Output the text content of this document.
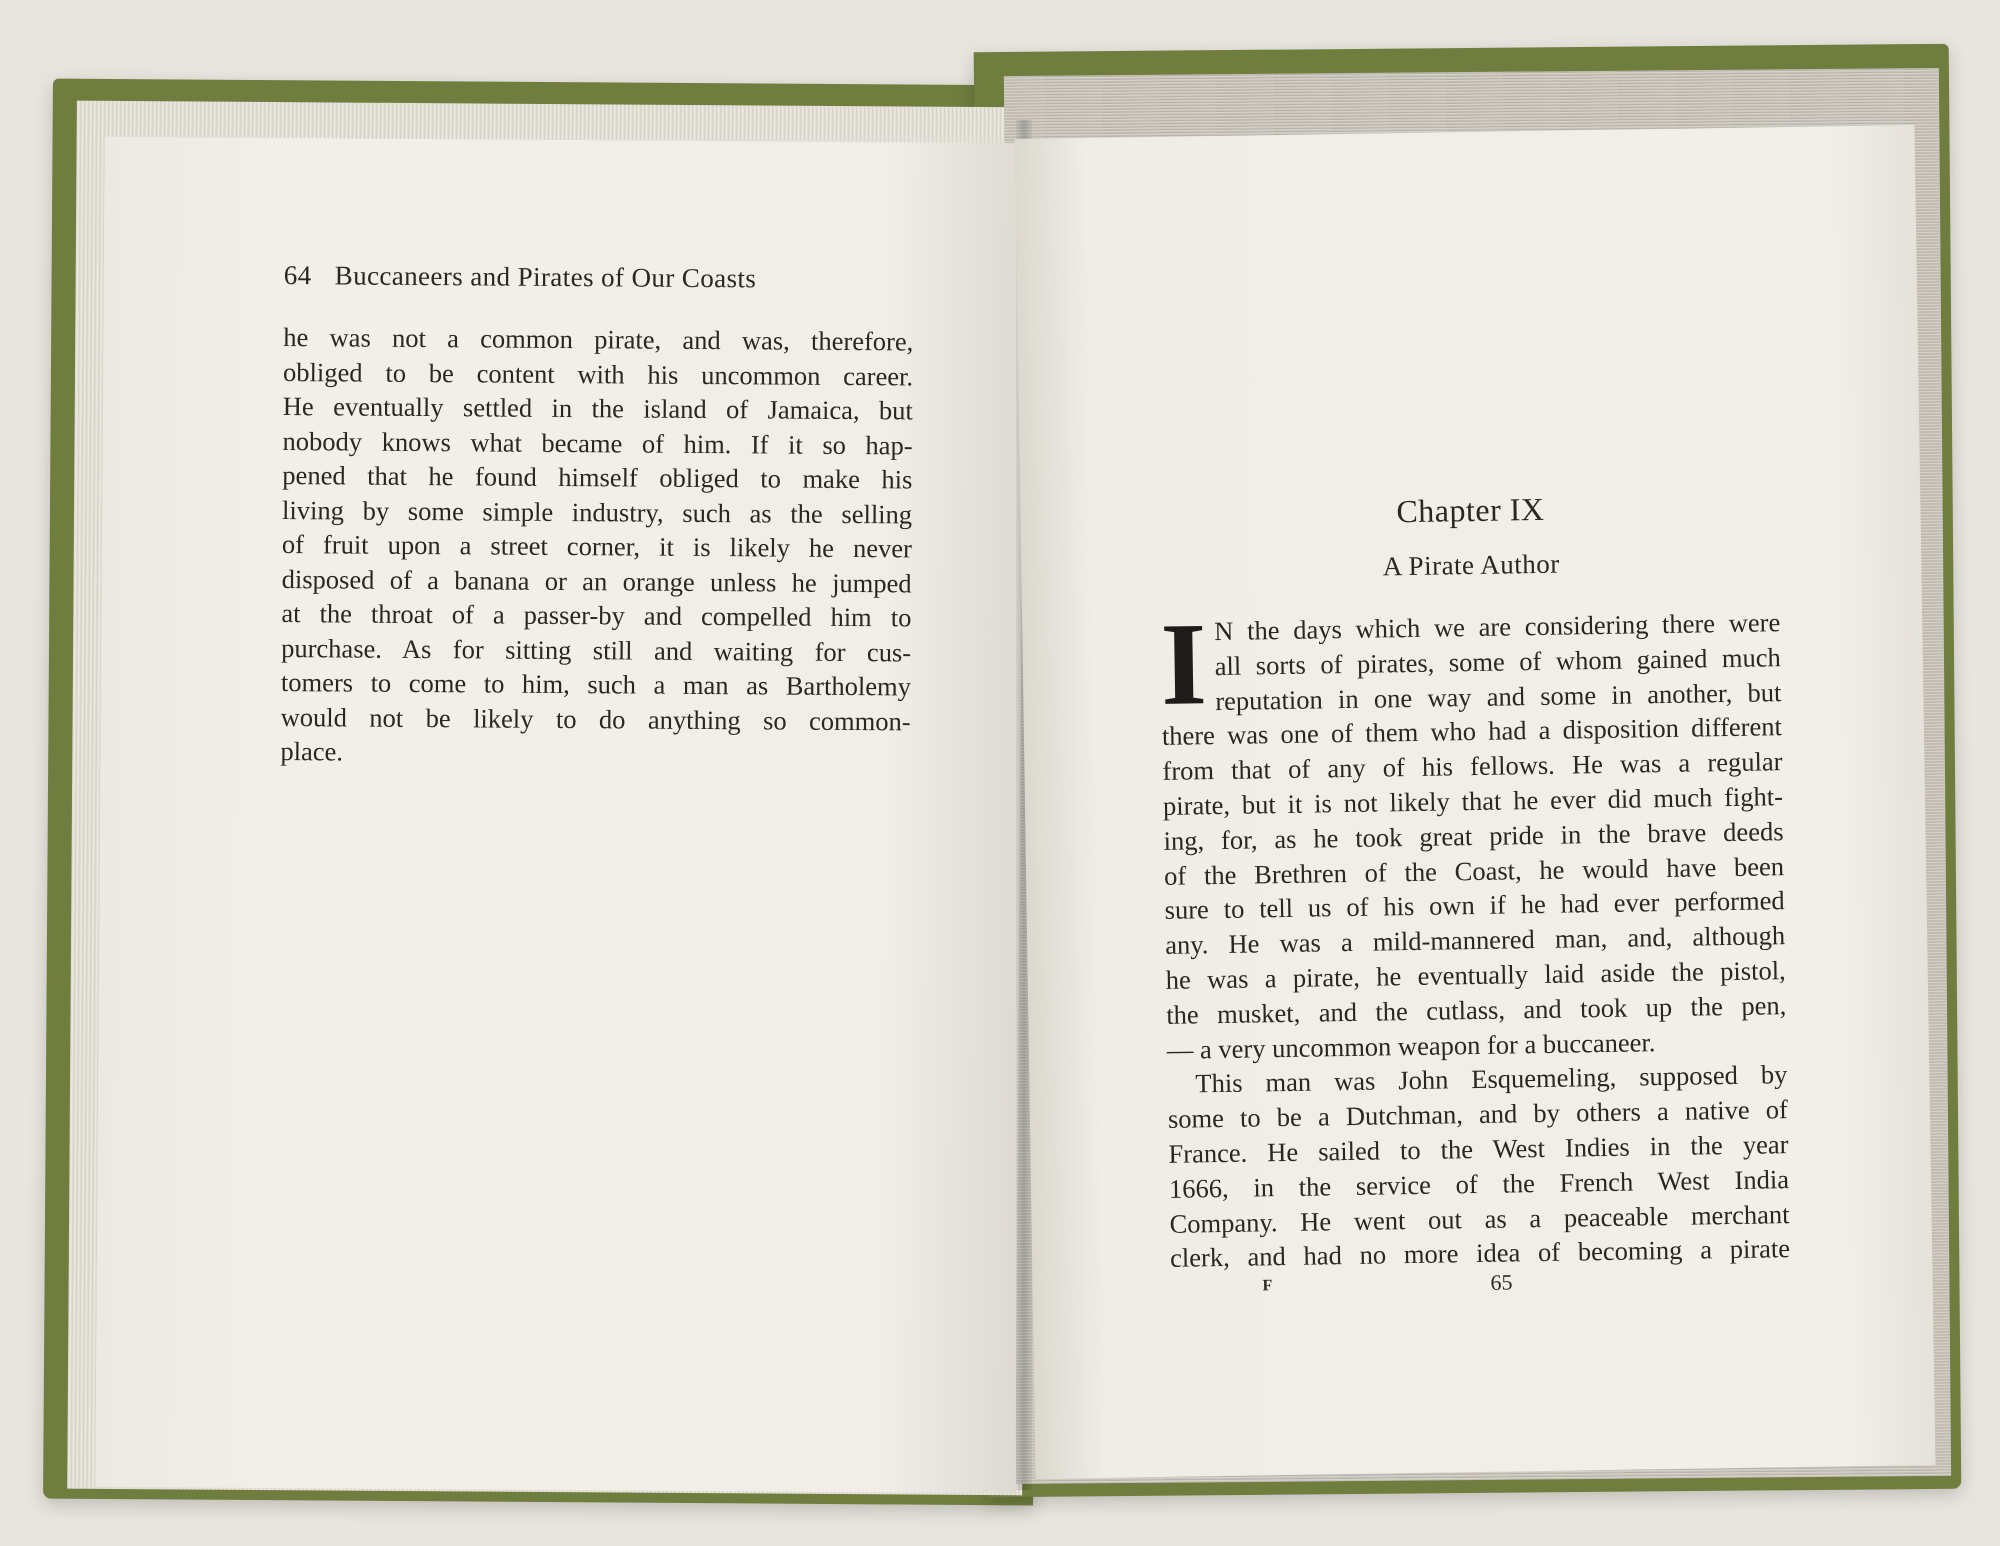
64 Buccaneers and Pirates of Our Coasts
he was not a common pirate, and was, therefore,
obliged to be content with his uncommon career.
He eventually settled in the island of Jamaica, but
nobody knows what became of him. If it so hap-
pened that he found himself obliged to make his
living by some simple industry, such as the selling
of fruit upon a street corner, it is likely he never
disposed of a banana or an orange unless he jumped
at the throat of a passer-by and compelled him to
purchase. As for sitting still and waiting for cus-
tomers to come to him, such a man as Bartholemy
would not be likely to do anything so common-
place.
Chapter IX
A Pirate Author
I N the days which we are considering there were
all sorts of pirates, some of whom gained much
reputation in one way and some in another, but
there was one of them who had a disposition different
from that of any of his fellows. He was a regular
pirate, but it is not likely that he ever did much fight-
ing, for, as he took great pride in the brave deeds
of the Brethren of the Coast, he would have been
sure to tell us of his own if he had ever performed
any. He was a mild-mannered man, and, although
he was a pirate, he eventually laid aside the pistol,
the musket, and the cutlass, and took up the pen,
— a very uncommon weapon for a buccaneer.
This man was John Esquemeling, supposed by
some to be a Dutchman, and by others a native of
France. He sailed to the West Indies in the year
1666, in the service of the French West India
Company. He went out as a peaceable merchant
clerk, and had no more idea of becoming a pirate
F	65
